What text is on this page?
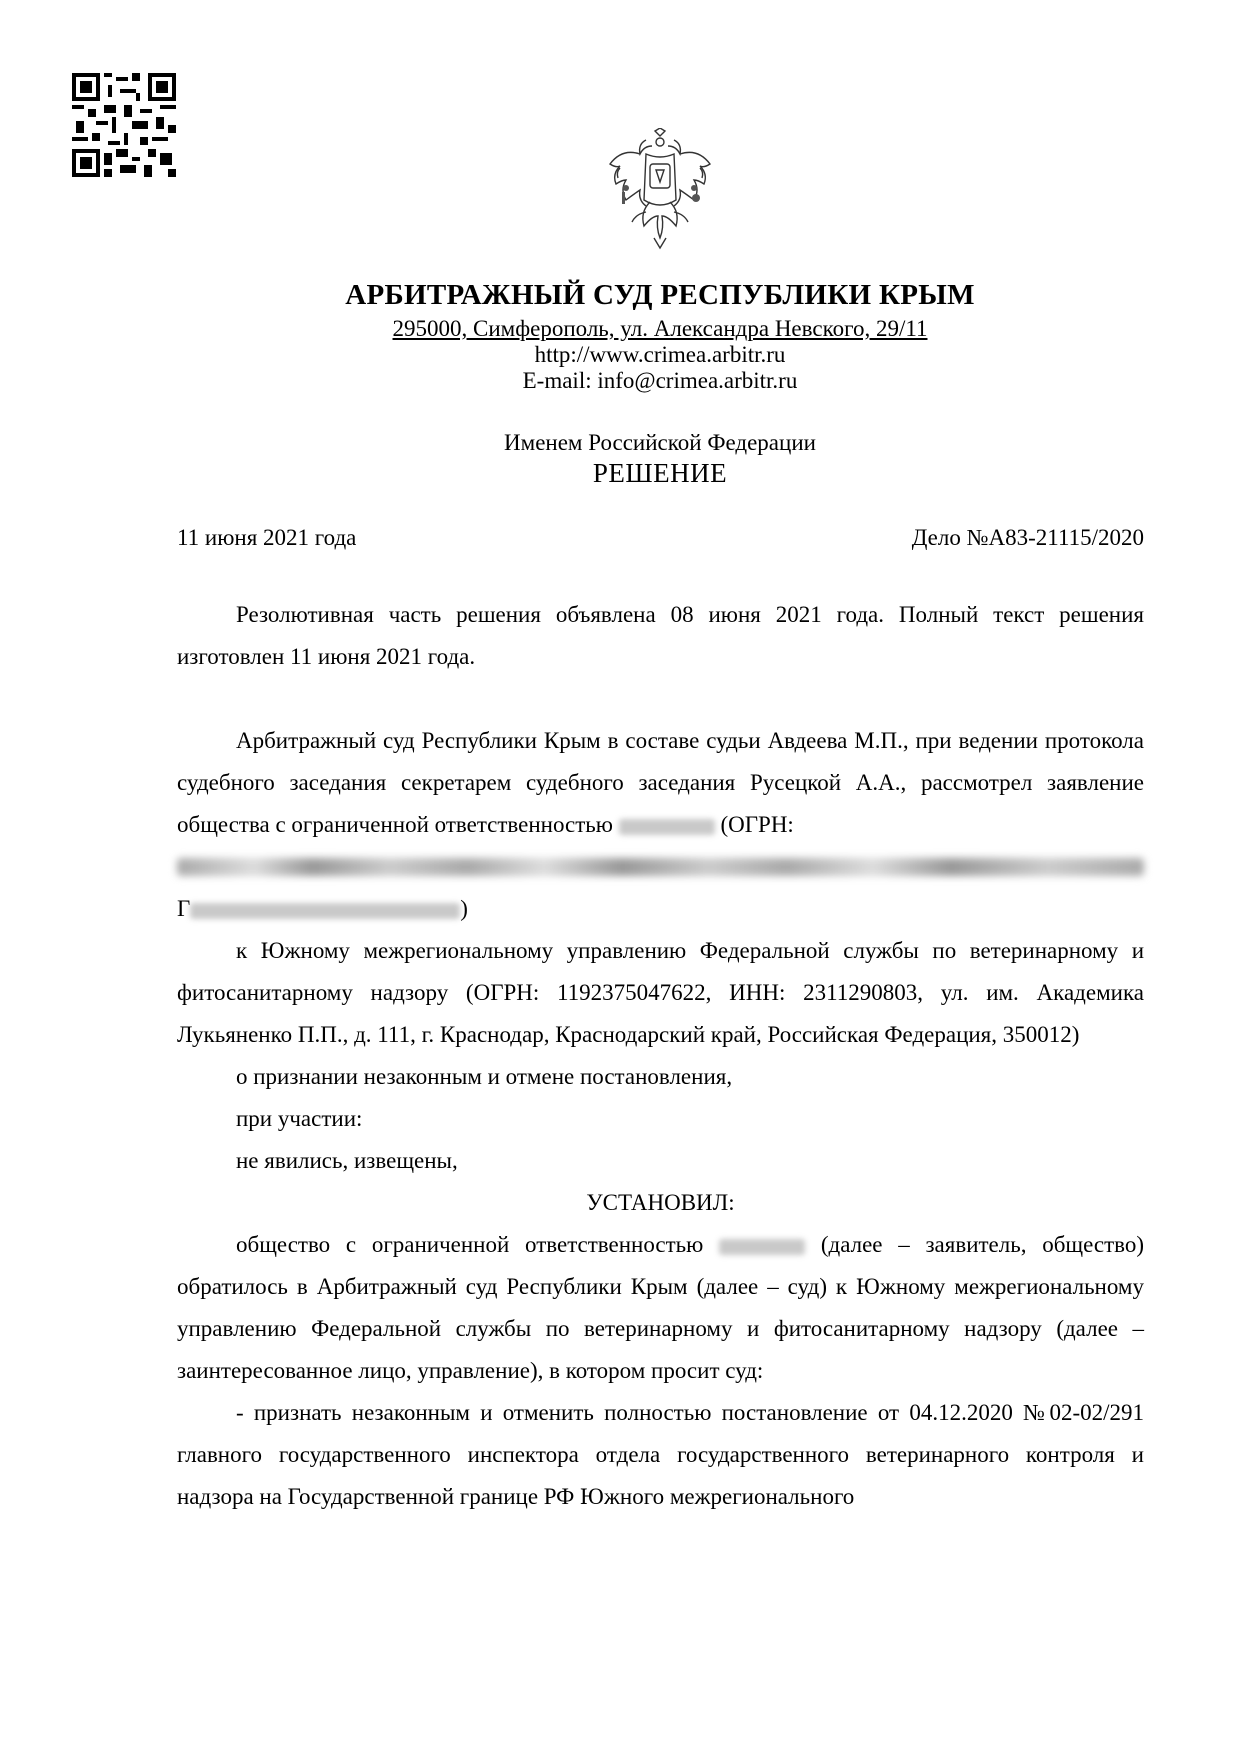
АРБИТРАЖНЫЙ СУД РЕСПУБЛИКИ КРЫМ
295000, Симферополь, ул. Александра Невского, 29/11
http://www.crimea.arbitr.ru
E-mail: info@crimea.arbitr.ru
Именем Российской Федерации
РЕШЕНИЕ
11 июня 2021 года	Дело №А83-21115/2020

Резолютивная часть решения объявлена 08 июня 2021 года. Полный текст решения изготовлен 11 июня 2021 года.

Арбитражный суд Республики Крым в составе судьи Авдеева М.П., при ведении протокола судебного заседания секретарем судебного заседания Русецкой А.А., рассмотрел заявление общества с ограниченной ответственностью	(ОГРН:

Г	)

к Южному межрегиональному управлению Федеральной службы по ветеринарному и фитосанитарному надзору (ОГРН: 1192375047622, ИНН: 2311290803, ул. им. Академика Лукьяненко П.П., д. 111, г. Краснодар, Краснодарский край, Российская Федерация, 350012)

о признании незаконным и отмене постановления,

при участии:

не явились, извещены,

УСТАНОВИЛ:

общество с ограниченной ответственностью	(далее – заявитель, общество) обратилось в Арбитражный суд Республики Крым (далее – суд) к Южному межрегиональному управлению Федеральной службы по ветеринарному и фитосанитарному надзору (далее – заинтересованное лицо, управление), в котором просит суд:

- признать незаконным и отменить полностью постановление от 04.12.2020 №02-02/291 главного государственного инспектора отдела государственного ветеринарного контроля и надзора на Государственной границе РФ Южного межрегионального
